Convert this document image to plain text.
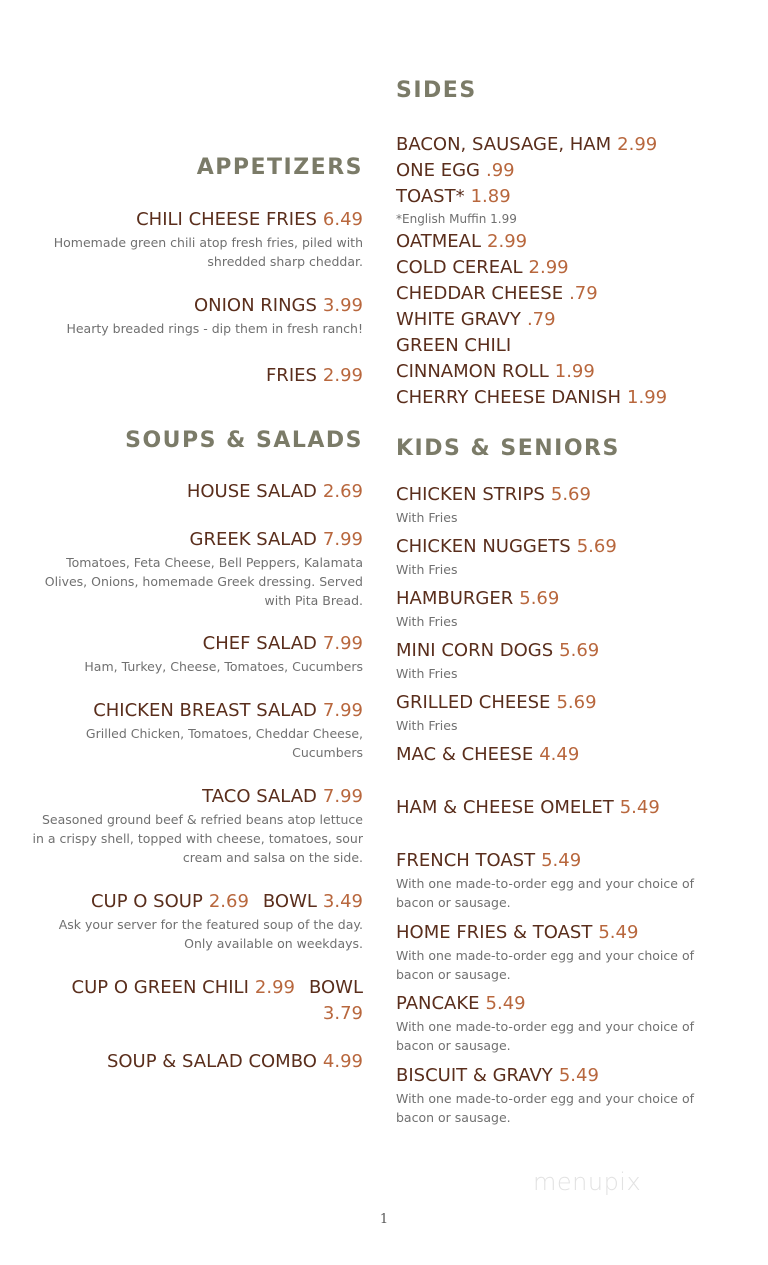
APPETIZERS
CHILI CHEESE FRIES 6.49
Homemade green chili atop fresh fries, piled with shredded sharp cheddar.
ONION RINGS 3.99
Hearty breaded rings - dip them in fresh ranch!
FRIES 2.99
SOUPS & SALADS
HOUSE SALAD 2.69
GREEK SALAD 7.99
Tomatoes, Feta Cheese, Bell Peppers, Kalamata Olives, Onions, homemade Greek dressing. Served with Pita Bread.
CHEF SALAD 7.99
Ham, Turkey, Cheese, Tomatoes, Cucumbers
CHICKEN BREAST SALAD 7.99
Grilled Chicken, Tomatoes, Cheddar Cheese, Cucumbers
TACO SALAD 7.99
Seasoned ground beef & refried beans atop lettuce in a crispy shell, topped with cheese, tomatoes, sour cream and salsa on the side.
CUP O SOUP 2.69 BOWL 3.49
Ask your server for the featured soup of the day. Only available on weekdays.
CUP O GREEN CHILI 2.99 BOWL 3.79
SOUP & SALAD COMBO 4.99
SIDES
BACON, SAUSAGE, HAM 2.99
ONE EGG .99
TOAST* 1.89
*English Muffin 1.99
OATMEAL 2.99
COLD CEREAL 2.99
CHEDDAR CHEESE .79
WHITE GRAVY .79
GREEN CHILI
CINNAMON ROLL 1.99
CHERRY CHEESE DANISH 1.99
KIDS & SENIORS
CHICKEN STRIPS 5.69
With Fries
CHICKEN NUGGETS 5.69
With Fries
HAMBURGER 5.69
With Fries
MINI CORN DOGS 5.69
With Fries
GRILLED CHEESE 5.69
With Fries
MAC & CHEESE 4.49
HAM & CHEESE OMELET 5.49
FRENCH TOAST 5.49
With one made-to-order egg and your choice of bacon or sausage.
HOME FRIES & TOAST 5.49
With one made-to-order egg and your choice of bacon or sausage.
PANCAKE 5.49
With one made-to-order egg and your choice of bacon or sausage.
BISCUIT & GRAVY 5.49
With one made-to-order egg and your choice of bacon or sausage.
menupix
1
